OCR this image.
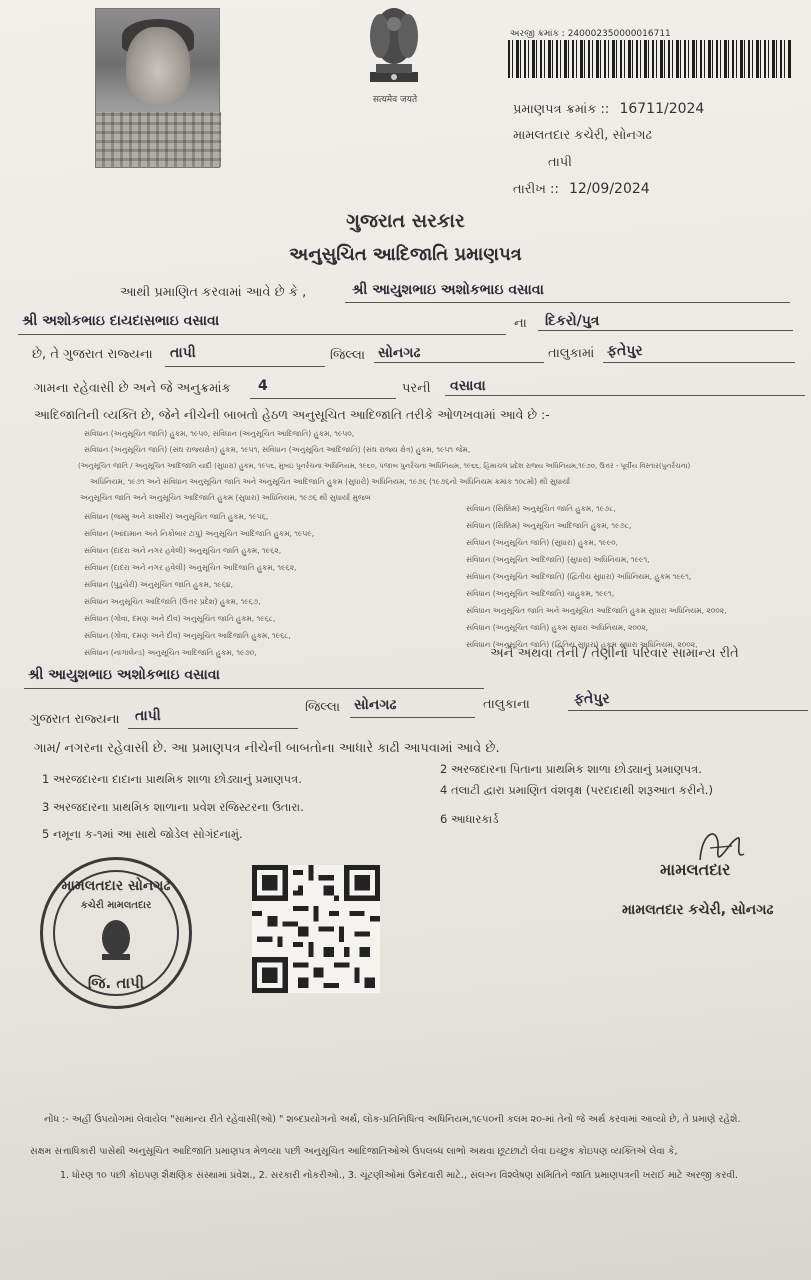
सत्यमेव जयते
અરજી ક્રમાંક : 240002350000016711
પ્રમાણપત્ર ક્રમાંક :: 16711/2024
મામલતદાર કચેરી, સોનગઢ
તાપી
તારીખ :: 12/09/2024
ગુજરાત સરકાર
અનુસુચિત આદિજાતિ પ્રમાણપત્ર
આથી પ્રમાણિત કરવામાં આવે છે કે ,	શ્રી આયુશભાઇ અશોકભાઇ વસાવા
શ્રી અશોકભાઇ દાયદાસભાઇ વસાવા	ના દિકરો/પુત્ર
છે, તે ગુજરાત રાજ્યના તાપી	જિલ્લા સોનગઢ	તાલુકામાં ફતેપુર
ગામના રહેવાસી છે અને જે અનુક્રમાંક 4	પરની વસાવા
આદિજાતિની વ્યક્તિ છે, જેને નીચેની બાબતો હેઠળ અનુસૂચિત આદિજાતિ તરીકે ઓળખવામાં આવે છે :-
સંવિધાન (અનુસૂચિત જાતિ) હુકમ, ૧૯૫૦, સંવિધાન (અનુસૂચિત આદિજાતિ) હુકમ, ૧૯૫૦,
સંવિધાન (અનુસૂચિત જાતિ) (સંઘ રાજ્યક્ષેત્ર) હુકમ, ૧૯૫૧, સંવિધાન (અનુસૂચિત આદિજાતિ) (સંઘ રાજ્ય ક્ષેત્ર) હુકમ, ૧૯૫૧ જેમ,
(અનુસૂચિત જાતિ / અનુસૂચિત આદિજાતિ યાદી (સુધારા) હુકમ, ૧૯૫૬, મુંબઇ પુનર્રચના અધિનિયમ, ૧૯૬૦, પંજાબ પુનર્રચના અધિનિયમ, ૧૯૬૬, હિમાચલ પ્રદેશ રાજ્ય અધિનિયમ,૧૯૭૦, ઉત્તર - પૂર્વીય વિસ્તાર(પુનર્રચના)
અધિનિયમ, ૧૯૭૧ અને સંવિધાન અનુસૂચિત જાતિ અને અનુસૂચિત આદિજાતિ હુકમ (સુધારો) અધિનિયમ, ૧૯૭૬ (૧૯૭૬નો અધિનિયમ ક્રમાંક ૧૦૮મો) થી સુધાર્યા
અનુસૂચિત જાતિ અને અનુસૂચિત આદિજાતિ હુકમ (સુધારા) અધિનિયમ, ૧૯૭૬ થી સુધાર્યા મુજબ
સંવિધાન (જમ્મુ અને કાશ્મીર) અનુસૂચિત જાતિ હુકમ, ૧૯૫૬,
સંવિધાન (આંદામાન અને નિકોબાર ટાપુ) અનુસૂચિત આદિજાતિ હુકમ, ૧૯૫૯,
સંવિધાન (દાદરા અને નગર હવેલી) અનુસૂચિત જાતિ હુકમ, ૧૯૬૨,
સંવિધાન (દાદરા અને નગર હવેલી) અનુસૂચિત આદિજાતિ હુકમ, ૧૯૬૨,
સંવિધાન (પુડુચેરી) અનુસૂચિત જાતિ હુકમ, ૧૯૬૪,
સંવિધાન અનુસૂચિત આદિજાતિ (ઉત્તર પ્રદેશ) હુકમ, ૧૯૬૭,
સંવિધાન (ગોવા, દમણ અને દીવ) અનુસૂચિત જાતિ હુકમ, ૧૯૬૮,
સંવિધાન (ગોવા, દમણ અને દીવ) અનુસૂચિત આદિજાતિ હુકમ, ૧૯૬૮,
સંવિધાન (નાગાલેન્ડ) અનુસૂચિત આદિજાતિ હુકમ, ૧૯૭૦,
સંવિધાન (સિક્કિમ) અનુસૂચિત જાતિ હુકમ, ૧૯૭૮,
સંવિધાન (સિક્કિમ) અનુસૂચિત આદિજાતિ હુકમ, ૧૯૭૮,
સંવિધાન (અનુસૂચિત જાતિ) (સુધારા) હુકમ, ૧૯૯૦,
સંવિધાન (અનુસૂચિત આદિજાતિ) (સુધારા) અધિનિયમ, ૧૯૯૧,
સંવિધાન (અનુસૂચિત આદિજાતિ) (દ્વિતીય સુધારા) અધિનિયમ, હુકમ ૧૯૯૧,
સંવિધાન (અનુસૂચિત આદિજાતિ) ચાહુકમ, ૧૯૯૧,
સંવિધાન અનુસૂચિત જાતિ અને અનુસૂચિત આદિજાતિ હુકમ સુધારા અધિનિયમ, ૨૦૦૨,
સંવિધાન (અનુસૂચિત જાતિ) હુકમ સુધારા અધિનિયમ, ૨૦૦૨,
સંવિધાન (અનુસૂચિત જાતિ) (દ્વિતિય સુધારા) હુકમ સુધારા અધિનિયમ, ૨૦૦૨,
શ્રી આયુશભાઇ અશોકભાઇ વસાવા
અને અથવા તેની / તેણીનો પરિવાર સામાન્ય રીતે
ગુજરાત રાજ્યના તાપી
જિલ્લા સોનગઢ	તાલુકાના	ફતેપુર
ગામ/ નગરના રહેવાસી છે. આ પ્રમાણપત્ર નીચેની બાબતોના આધારે કાઢી આપવામાં આવે છે.
1 અરજદારના દાદાના પ્રાથમિક શાળા છોડ્યાનું પ્રમાણપત્ર.
2 અરજદારના પિતાના પ્રાથમિક શાળા છોડ્યાનું પ્રમાણપત્ર.
3 અરજદારના પ્રાથમિક શાળાના પ્રવેશ રજિસ્ટરના ઉતારા.
4 તલાટી દ્વારા પ્રમાણિત વંશવૃક્ષ (પરદાદાથી શરૂઆત કરીને.)
5 નમૂના ક-૧માં આ સાથે જોડેલ સોગંદનામું.
6 આધારકાર્ડ
મામલતદાર
મામલતદાર કચેરી, સોનગઢ
મામલતદાર સોનગઢ
કચેરી મામલતદાર
જિ. તાપી
નોંધ :- અહીં ઉપયોગમાં લેવાયેલ "સામાન્ય રીતે રહેવાસી(ઓ) " શબ્દપ્રયોગનો અર્થ, લોક-પ્રતિનિધિત્વ અધિનિયમ,૧૯૫૦ની કલમ ૨૦-માં તેનો જે અર્થ કરવામાં આવ્યો છે, તે પ્રમાણે રહેશે.
સક્ષમ સત્તાધિકારી પાસેથી અનુસૂચિત આદિજાતિ પ્રમાણપત્ર મેળવ્યા પછી અનુસૂચિત આદિજાતિઓએ ઉપલબ્ધ લાભો અથવા છૂટછાટો લેવા ઇચ્છુક કોઇપણ વ્યક્તિએ લેવા કે,
1. ધોરણ ૧૦ પછી કોઇપણ શૈક્ષણિક સંસ્થામાં પ્રવેશ., 2. સરકારી નોકરીઓ., 3. ચૂંટણીઓમાં ઉમેદવારી માટે., સંલગ્ન વિશ્લેષણ સમિતિને જાતિ પ્રમાણપત્રની ખરાઈ માટે અરજી કરવી.
